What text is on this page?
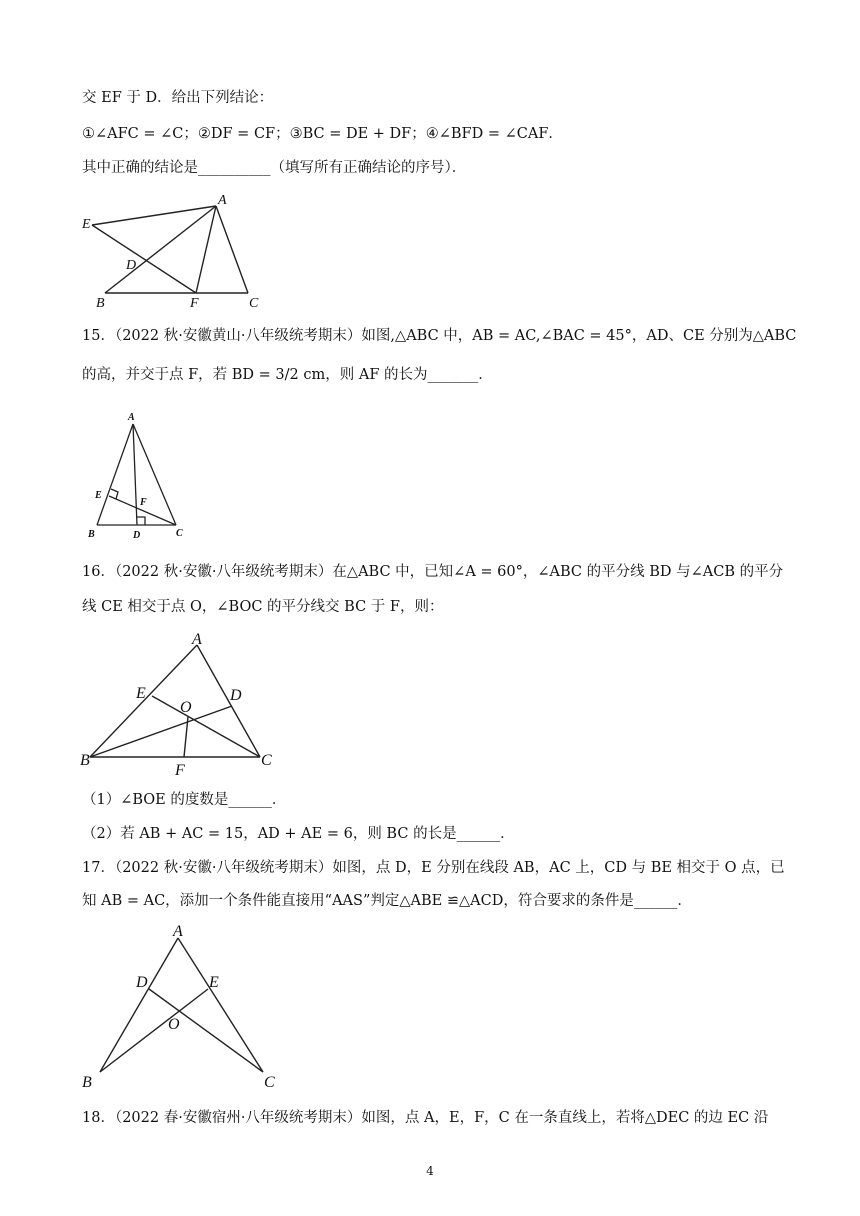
交 EF 于 D．给出下列结论：
①∠AFC = ∠C；②DF = CF；③BC = DE + DF；④∠BFD = ∠CAF．
其中正确的结论是__________（填写所有正确结论的序号）．
E
A
D
B	F	C
15．（2022 秋·安徽黄山·八年级统考期末）如图,△ABC 中，AB = AC,∠BAC = 45°，AD、CE 分别为△ABC
的高，并交于点 F，若 BD = 3/2 cm，则 AF 的长为_______．
A
E
F
B	D	C
16．（2022 秋·安徽·八年级统考期末）在△ABC 中，已知∠A = 60°，∠ABC 的平分线 BD 与∠ACB 的平分
线 CE 相交于点 O，∠BOC 的平分线交 BC 于 F，则：
A
E	D
O
B	C
F
（1）∠BOE 的度数是______．
（2）若 AB + AC = 15，AD + AE = 6，则 BC 的长是______．
17．（2022 秋·安徽·八年级统考期末）如图，点 D，E 分别在线段 AB，AC 上，CD 与 BE 相交于 O 点，已
知 AB = AC，添加一个条件能直接用“AAS”判定△ABE ≌△ACD，符合要求的条件是______．
A
D	E
O
B	C
18．（2022 春·安徽宿州·八年级统考期末）如图，点 A，E，F，C 在一条直线上，若将△DEC 的边 EC 沿
4
